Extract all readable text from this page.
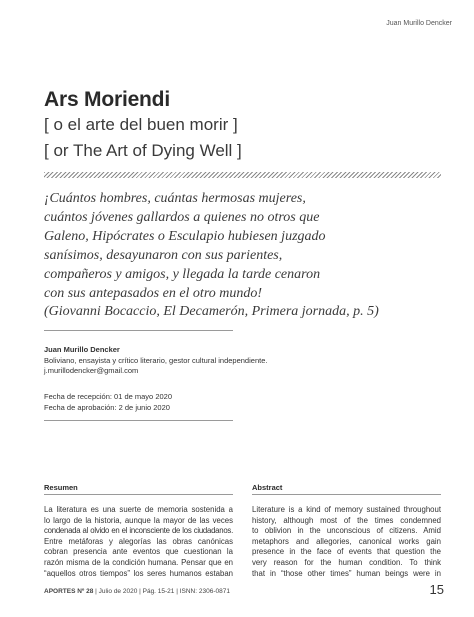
Juan Murillo Dencker
Ars Moriendi
[ o el arte del buen morir ]
[ or The Art of Dying Well ]
¡Cuántos hombres, cuántas hermosas mujeres,
cuántos jóvenes gallardos a quienes no otros que
Galeno, Hipócrates o Esculapio hubiesen juzgado
sanísimos, desayunaron con sus parientes,
compañeros y amigos, y llegada la tarde cenaron
con sus antepasados en el otro mundo!
(Giovanni Bocaccio, El Decamerón, Primera jornada, p. 5)
Juan Murillo Dencker
Boliviano, ensayista y crítico literario, gestor cultural independiente.
j.murillodencker@gmail.com
Fecha de recepción: 01 de mayo 2020
Fecha de aprobación: 2 de junio 2020
Resumen
La literatura es una suerte de memoria sostenida a
lo largo de la historia, aunque la mayor de las veces
condenada al olvido en el inconsciente de los ciudadanos.
Entre metáforas y alegorías las obras canónicas
cobran presencia ante eventos que cuestionan la
razón misma de la condición humana. Pensar que en
“aquellos otros tiempos” los seres humanos estaban
Abstract
Literature is a kind of memory sustained throughout
history, although most of the times condemned
to oblivion in the unconscious of citizens. Amid
metaphors and allegories, canonical works gain
presence in the face of events that question the
very reason for the human condition. To think
that in “those other times” human beings were in
APORTES Nº 28 | Julio de 2020 | Pág. 15-21 | ISNN: 2306-0871	15
